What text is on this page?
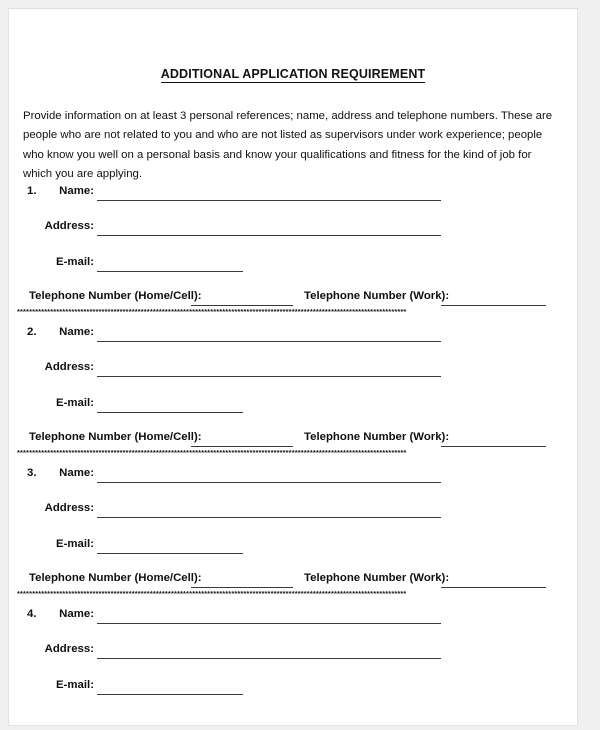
ADDITIONAL APPLICATION REQUIREMENT
Provide information on at least 3 personal references; name, address and telephone numbers. These are people who are not related to you and who are not listed as supervisors under work experience; people who know you well on a personal basis and know your qualifications and fitness for the kind of job for which you are applying.
1.	Name:
Address:
E-mail:
Telephone Number (Home/Cell):	Telephone Number (Work):
*********************************************************************************************************************************
2.	Name:
Address:
E-mail:
Telephone Number (Home/Cell):	Telephone Number (Work):
*********************************************************************************************************************************
3.	Name:
Address:
E-mail:
Telephone Number (Home/Cell):	Telephone Number (Work):
*********************************************************************************************************************************
4.	Name:
Address:
E-mail:
